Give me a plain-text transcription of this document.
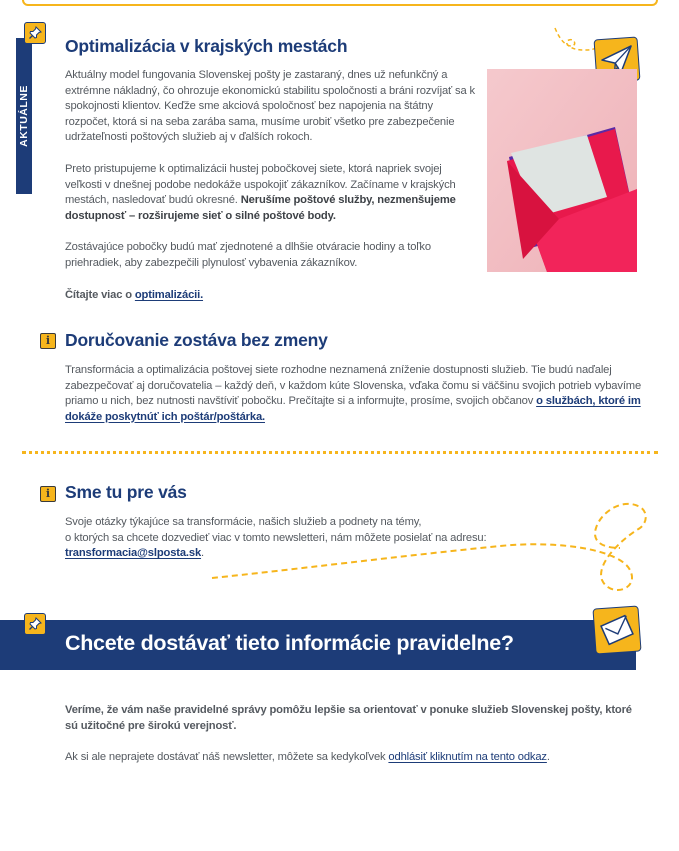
AKTUÁLNE
Optimalizácia v krajských mestách

Aktuálny model fungovania Slovenskej pošty je zastaraný, dnes už nefunkčný a extrémne nákladný, čo ohrozuje ekonomickú stabilitu spoločnosti a bráni rozvíjať sa k spokojnosti klientov. Keďže sme akciová spoločnosť bez napojenia na štátny rozpočet, ktorá si na seba zarába sama, musíme urobiť všetko pre zabezpečenie udržateľnosti poštových služieb aj v ďalších rokoch.

Preto pristupujeme k optimalizácii hustej pobočkovej siete, ktorá napriek svojej veľkosti v dnešnej podobe nedokáže uspokojiť zákazníkov. Začíname v krajských mestách, nasledovať budú okresné. Nerušíme poštové služby, nezmenšujeme dostupnosť – rozširujeme sieť o silné poštové body.

Zostávajúce pobočky budú mať zjednotené a dlhšie otváracie hodiny a toľko priehradiek, aby zabezpečili plynulosť vybavenia zákazníkov.

Čítajte viac o optimalizácii.

i Doručovanie zostáva bez zmeny

Transformácia a optimalizácia poštovej siete rozhodne neznamená zníženie dostupnosti služieb. Tie budú naďalej zabezpečovať aj doručovatelia – každý deň, v každom kúte Slovenska, vďaka čomu si väčšinu svojich potrieb vybavíme priamo u nich, bez nutnosti navštíviť pobočku. Prečítajte si a informujte, prosíme, svojich občanov o službách, ktoré im dokáže poskytnúť ich poštár/poštárka.

i Sme tu pre vás

Svoje otázky týkajúce sa transformácie, našich služieb a podnety na témy,

o ktorých sa chcete dozvedieť viac v tomto newsletteri, nám môžete posielať na adresu:

transformacia@slposta.sk.

Chcete dostávať tieto informácie pravidelne?

Veríme, že vám naše pravidelné správy pomôžu lepšie sa orientovať v ponuke služieb Slovenskej pošty, ktoré sú užitočné pre širokú verejnosť.

Ak si ale neprajete dostávať náš newsletter, môžete sa kedykoľvek odhlásiť kliknutím na tento odkaz.
